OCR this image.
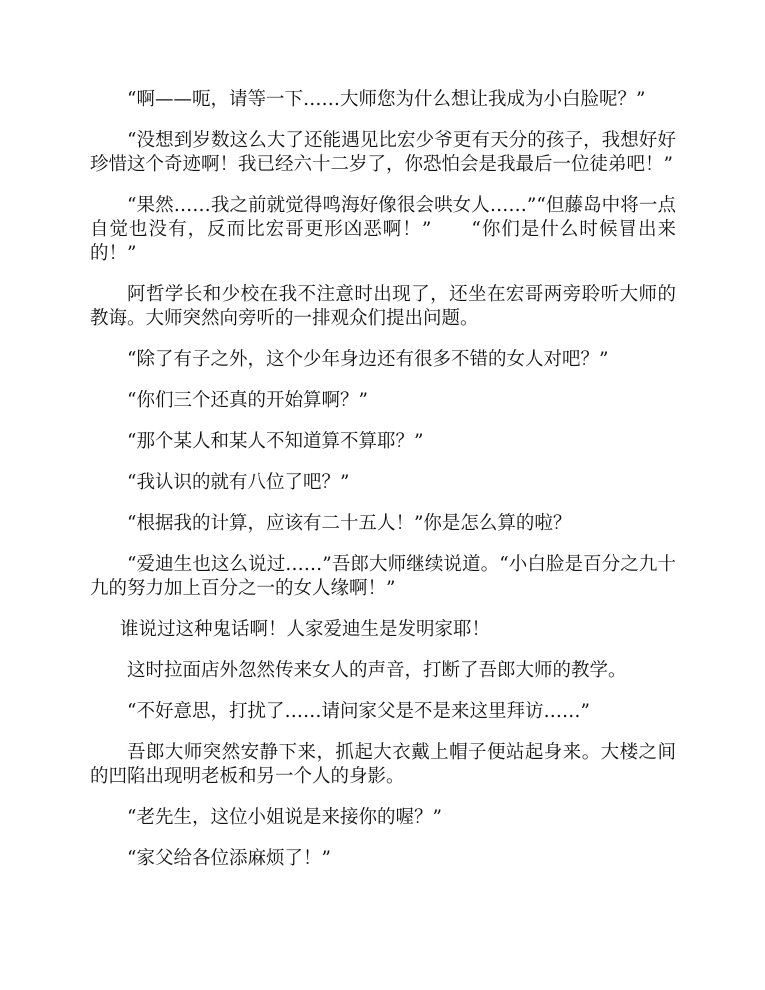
“啊——呃，请等一下……大师您为什么想让我成为小白脸呢？”

“没想到岁数这么大了还能遇见比宏少爷更有天分的孩子，我想好好珍惜这个奇迹啊！我已经六十二岁了，你恐怕会是我最后一位徒弟吧！”

“果然……我之前就觉得鸣海好像很会哄女人……”“但藤岛中将一点自觉也没有，反而比宏哥更形凶恶啊！”　　“你们是什么时候冒出来的！”

阿哲学长和少校在我不注意时出现了，还坐在宏哥两旁聆听大师的教诲。大师突然向旁听的一排观众们提出问题。

“除了有子之外，这个少年身边还有很多不错的女人对吧？”

“你们三个还真的开始算啊？”

“那个某人和某人不知道算不算耶？”

“我认识的就有八位了吧？”

“根据我的计算，应该有二十五人！”你是怎么算的啦？

“爱迪生也这么说过……”吾郎大师继续说道。“小白脸是百分之九十九的努力加上百分之一的女人缘啊！”

谁说过这种鬼话啊！人家爱迪生是发明家耶！

这时拉面店外忽然传来女人的声音，打断了吾郎大师的教学。

“不好意思，打扰了……请问家父是不是来这里拜访……”

吾郎大师突然安静下来，抓起大衣戴上帽子便站起身来。大楼之间的凹陷出现明老板和另一个人的身影。

“老先生，这位小姐说是来接你的喔？”

“家父给各位添麻烦了！”
